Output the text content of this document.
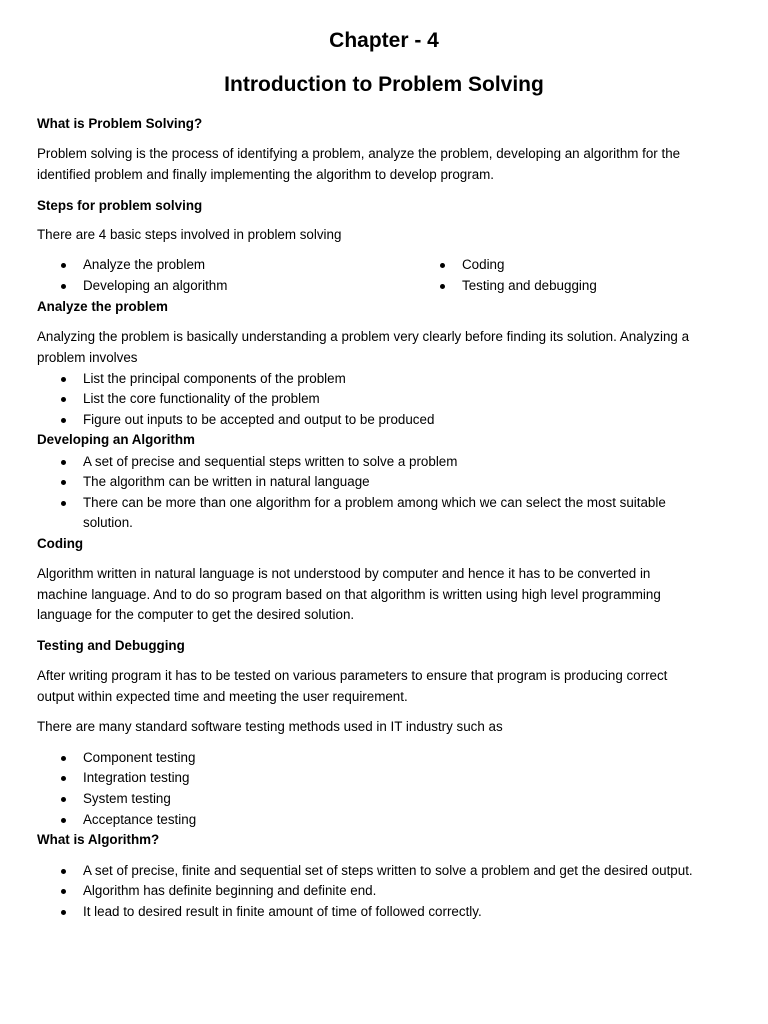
Chapter - 4
Introduction to Problem Solving
What is Problem Solving?
Problem solving is the process of identifying a problem, analyze the problem, developing an algorithm for the
identified problem and finally implementing the algorithm to develop program.
Steps for problem solving
There are 4 basic steps involved in problem solving
Analyze the problem
Developing an algorithm
Coding
Testing and debugging
Analyze the problem
Analyzing the problem is basically understanding a problem very clearly before finding its solution. Analyzing a
problem involves
List the principal components of the problem
List the core functionality of the problem
Figure out inputs to be accepted and output to be produced
Developing an Algorithm
A set of precise and sequential steps written to solve a problem
The algorithm can be written in natural language
There can be more than one algorithm for a problem among which we can select the most suitable
solution.
Coding
Algorithm written in natural language is not understood by computer and hence it has to be converted in
machine language. And to do so program based on that algorithm is written using high level programming
language for the computer to get the desired solution.
Testing and Debugging
After writing program it has to be tested on various parameters to ensure that program is producing correct
output within expected time and meeting the user requirement.
There are many standard software testing methods used in IT industry such as
Component testing
Integration testing
System testing
Acceptance testing
What is Algorithm?
A set of precise, finite and sequential set of steps written to solve a problem and get the desired output.
Algorithm has definite beginning and definite end.
It lead to desired result in finite amount of time of followed correctly.
